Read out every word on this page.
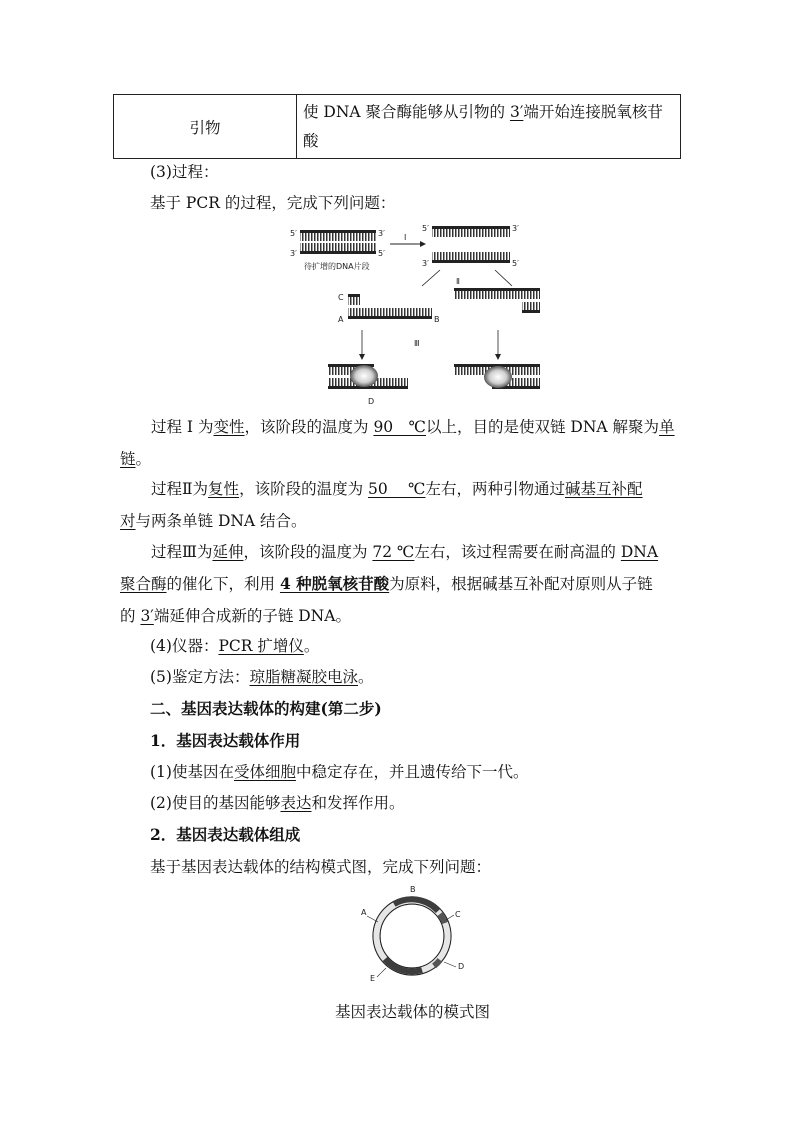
引物	使 DNA 聚合酶能够从引物的 3′端开始连接脱氧核苷
酸
(3)过程：
基于 PCR 的过程，完成下列问题：
5′	3′
3′	5′
待扩增的DNA片段
Ⅰ
5′	3′
3′	5′
Ⅱ
C
A	B
Ⅲ
D
过程 Ⅰ 为变性，该阶段的温度为 90　℃以上，目的是使双链 DNA 解聚为单
链。
过程Ⅱ为复性，该阶段的温度为 50　 ℃左右，两种引物通过碱基互补配
对与两条单链 DNA 结合。
过程Ⅲ为延伸，该阶段的温度为 72 ℃左右，该过程需要在耐高温的 DNA
聚合酶的催化下，利用 4 种脱氧核苷酸为原料，根据碱基互补配对原则从子链
的 3′端延伸合成新的子链 DNA。
(4)仪器：PCR 扩增仪。
(5)鉴定方法：琼脂糖凝胶电泳。
二、基因表达载体的构建(第二步)
1．基因表达载体作用
(1)使基因在受体细胞中稳定存在，并且遗传给下一代。
(2)使目的基因能够表达和发挥作用。
2．基因表达载体组成
基于基因表达载体的结构模式图，完成下列问题：
B
A	C
D
E
基因表达载体的模式图
